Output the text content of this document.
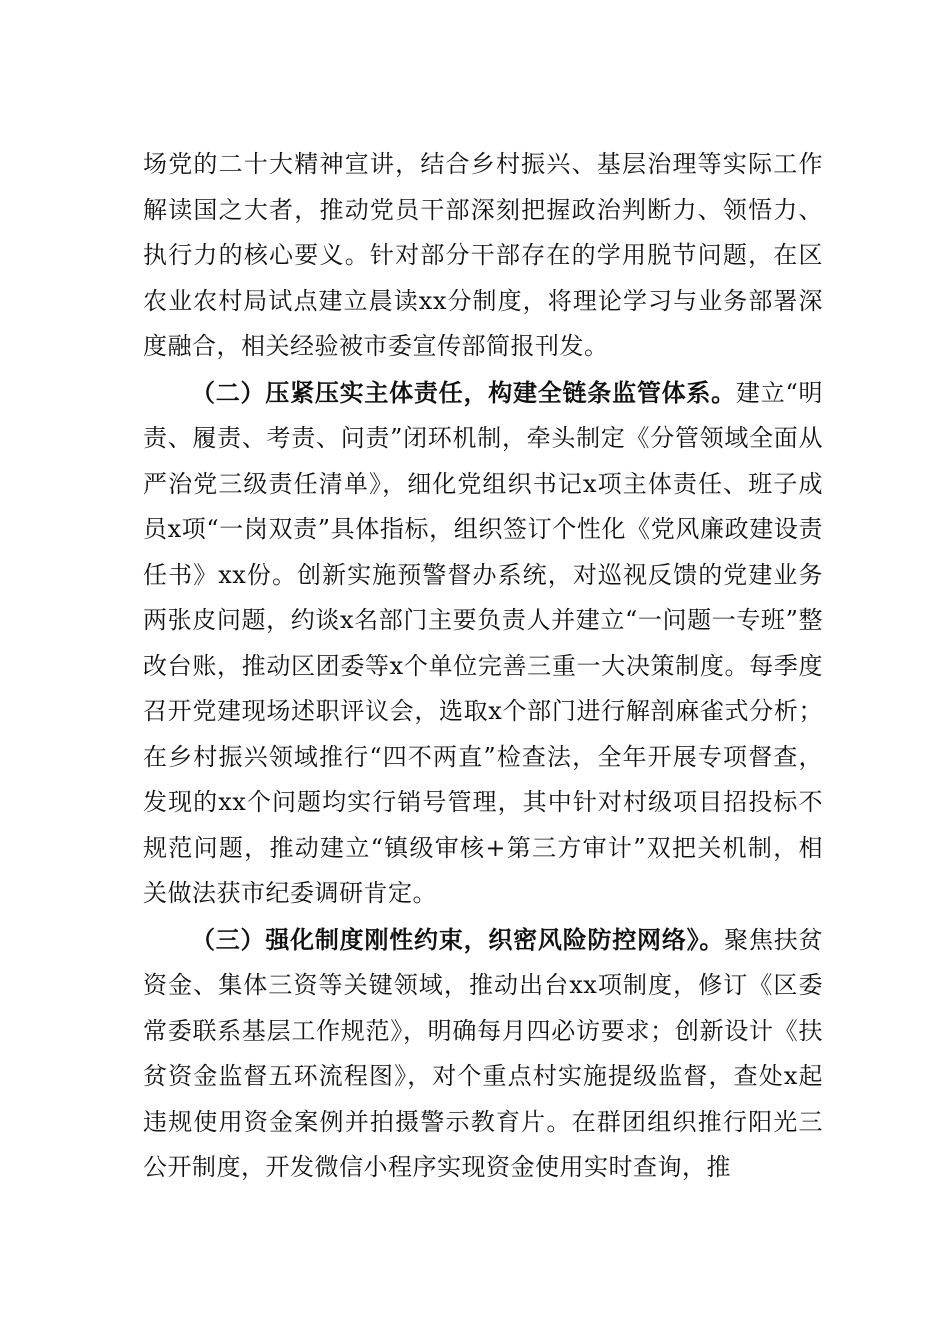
场党的二十大精神宣讲，结合乡村振兴、基层治理等实际工作解读国之大者，推动党员干部深刻把握政治判断力、领悟力、执行力的核心要义。针对部分干部存在的学用脱节问题，在区农业农村局试点建立晨读xx分制度，将理论学习与业务部署深度融合，相关经验被市委宣传部简报刊发。

（二）压紧压实主体责任，构建全链条监管体系。建立“明责、履责、考责、问责”闭环机制，牵头制定《分管领域全面从严治党三级责任清单》，细化党组织书记x项主体责任、班子成员x项“一岗双责”具体指标，组织签订个性化《党风廉政建设责任书》xx份。创新实施预警督办系统，对巡视反馈的党建业务两张皮问题，约谈x名部门主要负责人并建立“一问题一专班”整改台账，推动区团委等x个单位完善三重一大决策制度。每季度召开党建现场述职评议会，选取x个部门进行解剖麻雀式分析；在乡村振兴领域推行“四不两直”检查法，全年开展专项督查，发现的xx个问题均实行销号管理，其中针对村级项目招投标不规范问题，推动建立“镇级审核+第三方审计”双把关机制，相关做法获市纪委调研肯定。

（三）强化制度刚性约束，织密风险防控网络》。聚焦扶贫资金、集体三资等关键领域，推动出台xx项制度，修订《区委常委联系基层工作规范》，明确每月四必访要求；创新设计《扶贫资金监督五环流程图》，对个重点村实施提级监督，查处x起违规使用资金案例并拍摄警示教育片。在群团组织推行阳光三公开制度，开发微信小程序实现资金使用实时查询，推
